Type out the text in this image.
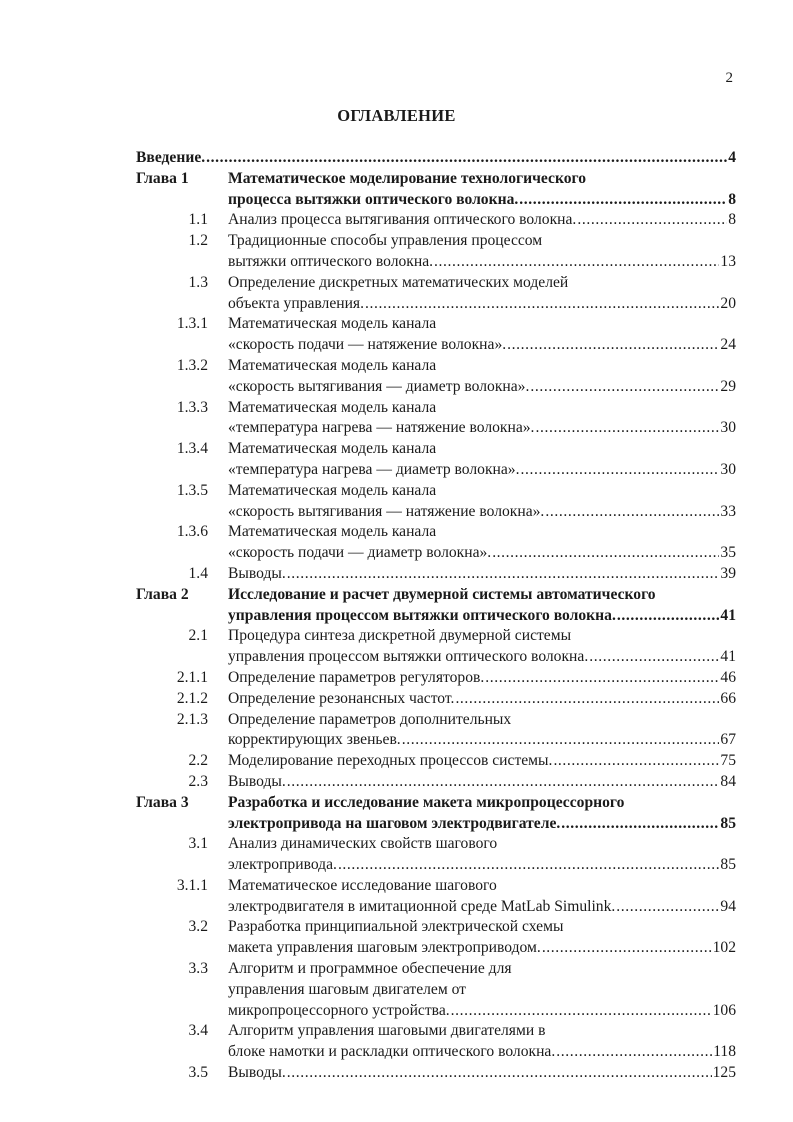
2
ОГЛАВЛЕНИЕ
Введение. .....	4
Глава 1	Математическое моделирование технологического
процесса вытяжки оптического волокна. .....	8
1.1 Анализ процесса вытягивания оптического волокна. .....	8
1.2 Традиционные способы управления процессом
вытяжки оптического волокна. .....	13
1.3 Определение дискретных математических моделей
объекта управления. .....	20
1.3.1 Математическая модель канала
«скорость подачи — натяжение волокна». .....	24
1.3.2 Математическая модель канала
«скорость вытягивания — диаметр волокна». .....	29
1.3.3 Математическая модель канала
«температура нагрева — натяжение волокна». .....	30
1.3.4 Математическая модель канала
«температура нагрева — диаметр волокна». .....	30
1.3.5 Математическая модель канала
«скорость вытягивания — натяжение волокна». .....	33
1.3.6 Математическая модель канала
«скорость подачи — диаметр волокна». .....	35
1.4 Выводы. .....	39
Глава 2	Исследование и расчет двумерной системы автоматического
управления процессом вытяжки оптического волокна. .....	41
2.1 Процедура синтеза дискретной двумерной системы
управления процессом вытяжки оптического волокна. .....	41
2.1.1 Определение параметров регуляторов. .....	46
2.1.2 Определение резонансных частот. .....	66
2.1.3 Определение параметров дополнительных
корректирующих звеньев. .....	67
2.2 Моделирование переходных процессов системы. .....	75
2.3 Выводы. .....	84
Глава 3	Разработка и исследование макета микропроцессорного
электропривода на шаговом электродвигателе. .....	85
3.1 Анализ динамических свойств шагового
электропривода. .....	85
3.1.1 Математическое исследование шагового
электродвигателя в имитационной среде MatLab Simulink. .....	94
3.2 Разработка принципиальной электрической схемы
макета управления шаговым электроприводом. .....	102
3.3 Алгоритм и программное обеспечение для
управления шаговым двигателем от
микропроцессорного устройства. .....	106
3.4 Алгоритм управления шаговыми двигателями в
блоке намотки и раскладки оптического волокна. .....	118
3.5 Выводы. .....	125
